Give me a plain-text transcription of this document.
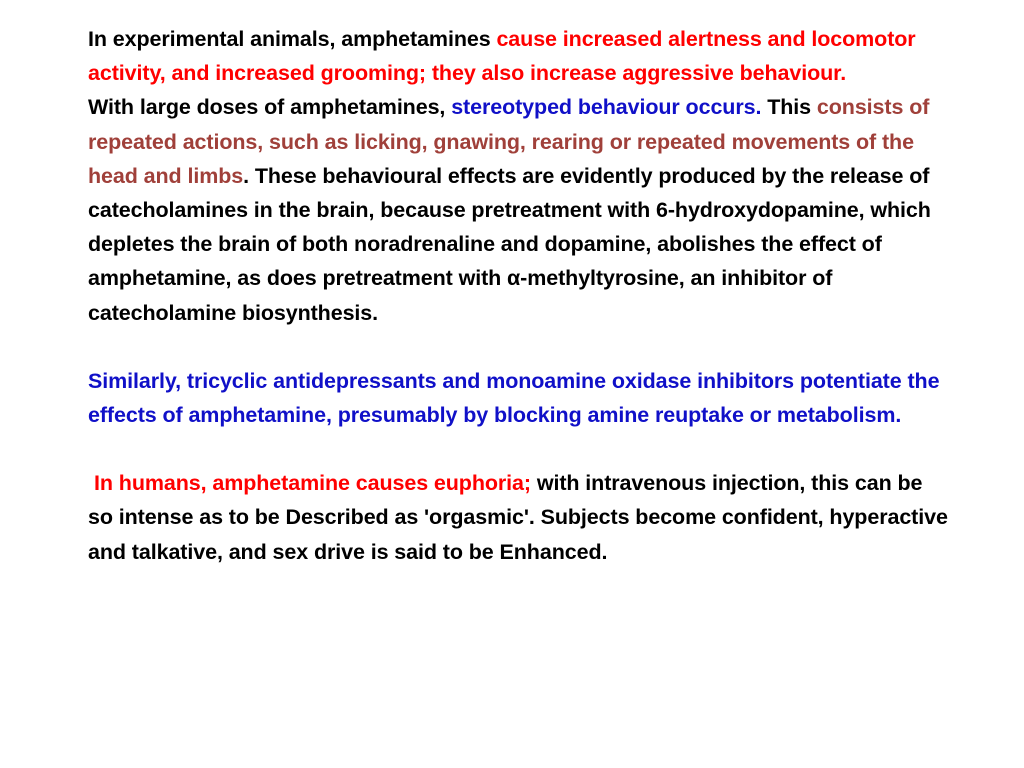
In experimental animals, amphetamines cause increased alertness and locomotor activity, and increased grooming; they also increase aggressive behaviour.

With large doses of amphetamines, stereotyped behaviour occurs. This consists of repeated actions, such as licking, gnawing, rearing or repeated movements of the head and limbs. These behavioural effects are evidently produced by the release of catecholamines in the brain, because pretreatment with 6-hydroxydopamine, which depletes the brain of both noradrenaline and dopamine, abolishes the effect of amphetamine, as does pretreatment with α-methyltyrosine, an inhibitor of catecholamine biosynthesis.

Similarly, tricyclic antidepressants and monoamine oxidase inhibitors potentiate the effects of amphetamine, presumably by blocking amine reuptake or metabolism.

In humans, amphetamine causes euphoria; with intravenous injection, this can be so intense as to be Described as 'orgasmic'. Subjects become confident, hyperactive and talkative, and sex drive is said to be Enhanced.
